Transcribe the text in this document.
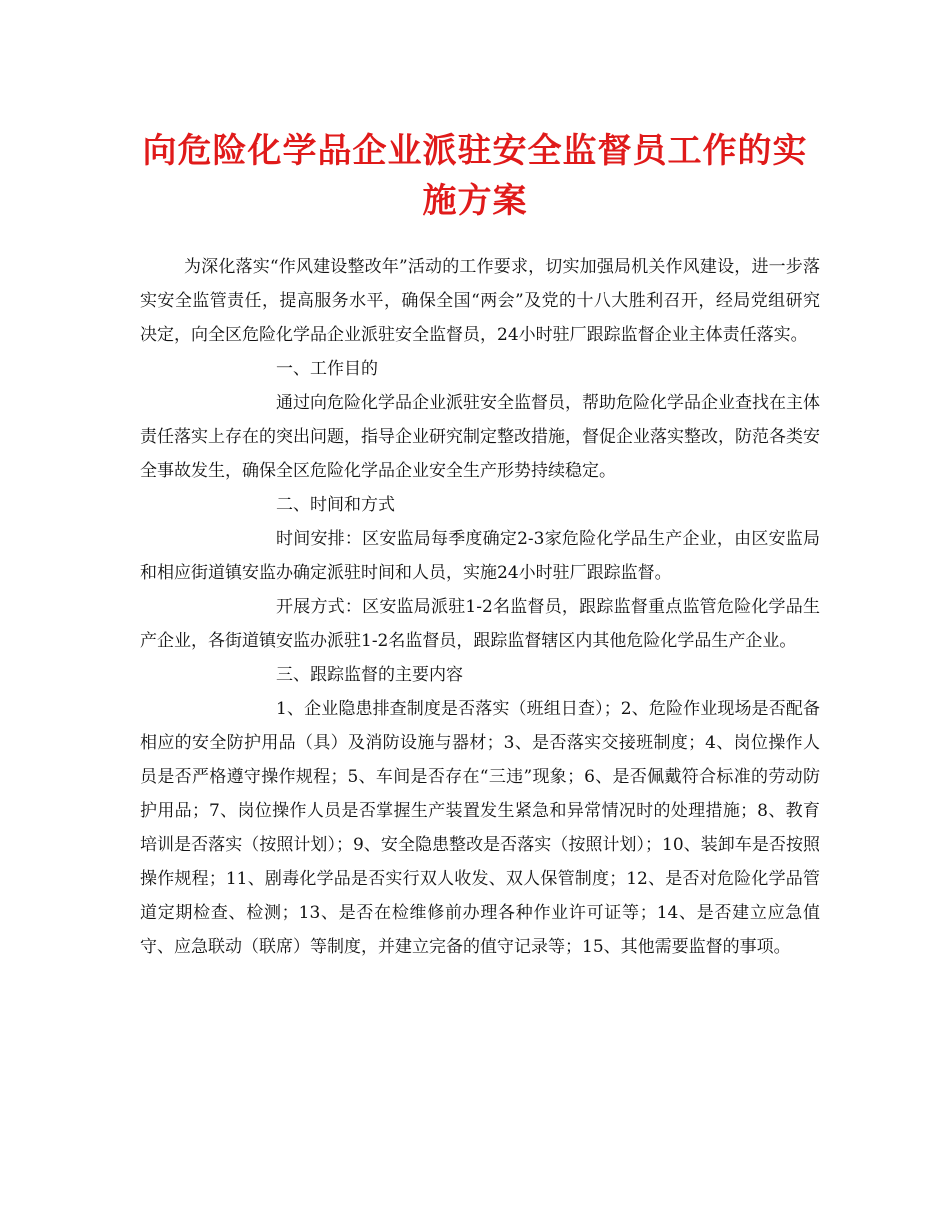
向危险化学品企业派驻安全监督员工作的实
施方案

为深化落实“作风建设整改年”活动的工作要求，切实加强局机关作风建设，进一步落实安全监管责任，提高服务水平，确保全国“两会”及党的十八大胜利召开，经局党组研究决定，向全区危险化学品企业派驻安全监督员，24小时驻厂跟踪监督企业主体责任落实。

一、工作目的

通过向危险化学品企业派驻安全监督员，帮助危险化学品企业查找在主体责任落实上存在的突出问题，指导企业研究制定整改措施，督促企业落实整改，防范各类安全事故发生，确保全区危险化学品企业安全生产形势持续稳定。

二、时间和方式

时间安排：区安监局每季度确定2-3家危险化学品生产企业，由区安监局和相应街道镇安监办确定派驻时间和人员，实施24小时驻厂跟踪监督。

开展方式：区安监局派驻1-2名监督员，跟踪监督重点监管危险化学品生产企业，各街道镇安监办派驻1-2名监督员，跟踪监督辖区内其他危险化学品生产企业。

三、跟踪监督的主要内容

1、企业隐患排查制度是否落实（班组日查）；2、危险作业现场是否配备相应的安全防护用品（具）及消防设施与器材；3、是否落实交接班制度；4、岗位操作人员是否严格遵守操作规程；5、车间是否存在“三违”现象；6、是否佩戴符合标准的劳动防护用品；7、岗位操作人员是否掌握生产装置发生紧急和异常情况时的处理措施；8、教育培训是否落实（按照计划）；9、安全隐患整改是否落实（按照计划）；10、装卸车是否按照操作规程；11、剧毒化学品是否实行双人收发、双人保管制度；12、是否对危险化学品管道定期检查、检测；13、是否在检维修前办理各种作业许可证等；14、是否建立应急值守、应急联动（联席）等制度，并建立完备的值守记录等；15、其他需要监督的事项。
